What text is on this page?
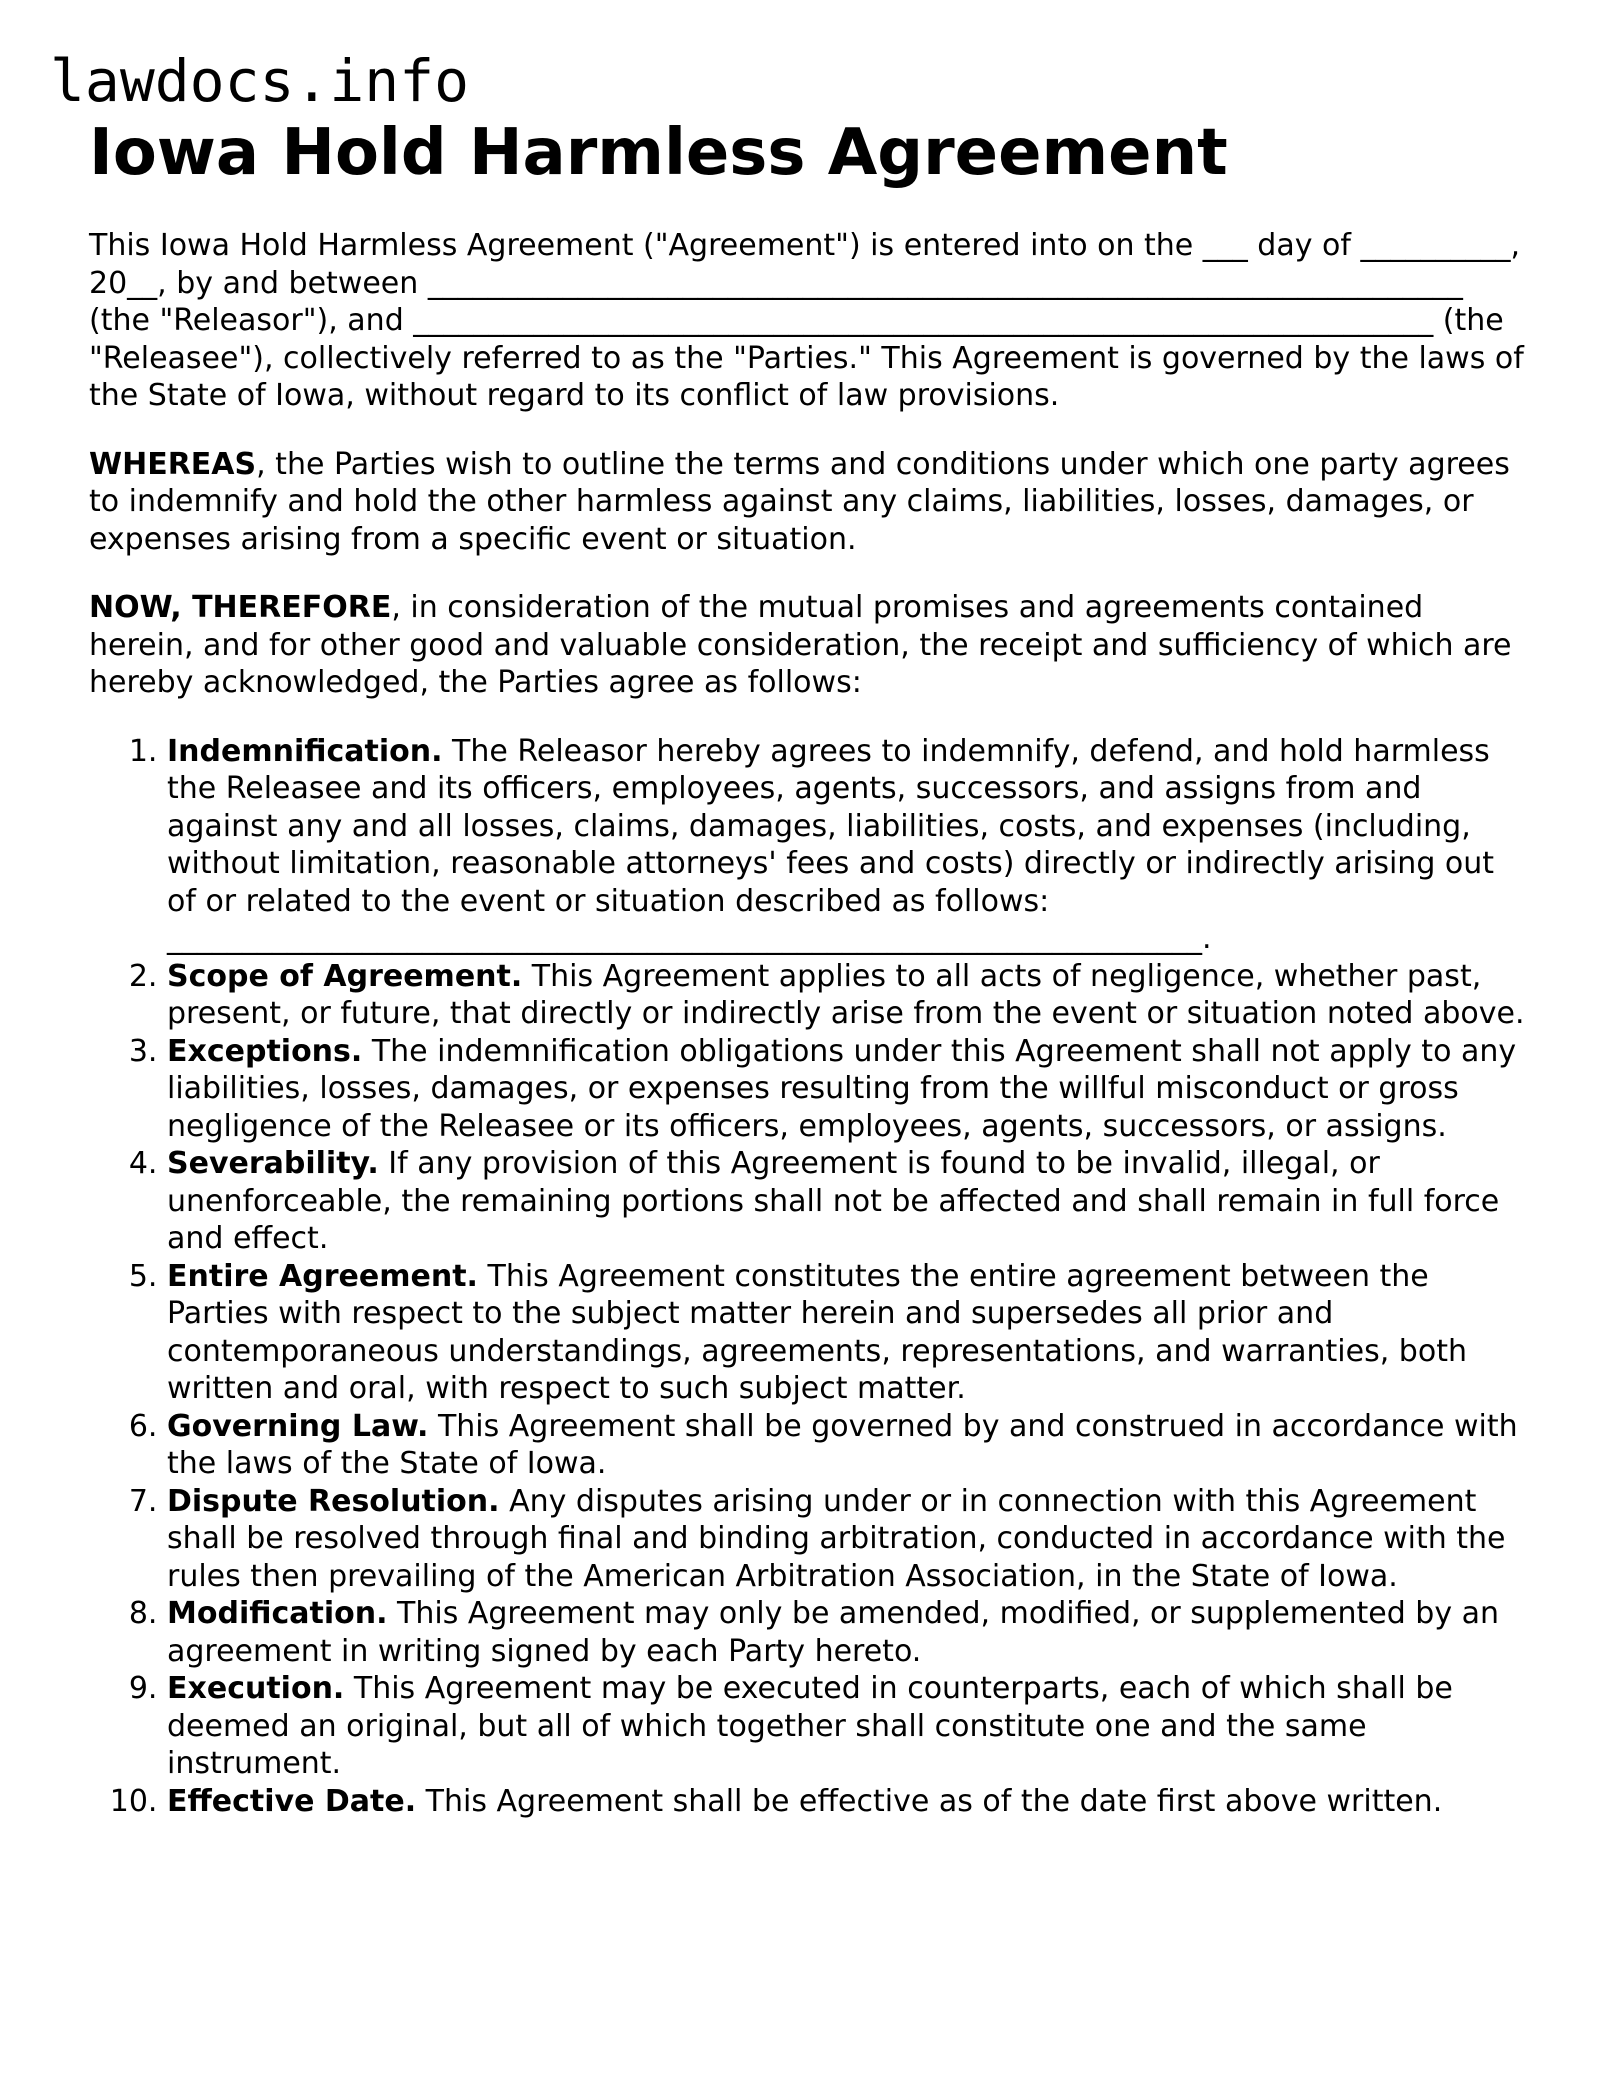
lawdocs.info
Iowa Hold Harmless Agreement

This Iowa Hold Harmless Agreement ("Agreement") is entered into on the ___ day of __________, 20__, by and between _____________________________________________________________________ (the "Releasor"), and ____________________________________________________________________ (the "Releasee"), collectively referred to as the "Parties." This Agreement is governed by the laws of the State of Iowa, without regard to its conflict of law provisions.

WHEREAS, the Parties wish to outline the terms and conditions under which one party agrees to indemnify and hold the other harmless against any claims, liabilities, losses, damages, or expenses arising from a specific event or situation.

NOW, THEREFORE, in consideration of the mutual promises and agreements contained herein, and for other good and valuable consideration, the receipt and sufficiency of which are hereby acknowledged, the Parties agree as follows:

1. Indemnification. The Releasor hereby agrees to indemnify, defend, and hold harmless the Releasee and its officers, employees, agents, successors, and assigns from and against any and all losses, claims, damages, liabilities, costs, and expenses (including, without limitation, reasonable attorneys' fees and costs) directly or indirectly arising out of or related to the event or situation described as follows: _____________________________________________________________________.
2. Scope of Agreement. This Agreement applies to all acts of negligence, whether past, present, or future, that directly or indirectly arise from the event or situation noted above.
3. Exceptions. The indemnification obligations under this Agreement shall not apply to any liabilities, losses, damages, or expenses resulting from the willful misconduct or gross negligence of the Releasee or its officers, employees, agents, successors, or assigns.
4. Severability. If any provision of this Agreement is found to be invalid, illegal, or unenforceable, the remaining portions shall not be affected and shall remain in full force and effect.
5. Entire Agreement. This Agreement constitutes the entire agreement between the Parties with respect to the subject matter herein and supersedes all prior and contemporaneous understandings, agreements, representations, and warranties, both written and oral, with respect to such subject matter.
6. Governing Law. This Agreement shall be governed by and construed in accordance with the laws of the State of Iowa.
7. Dispute Resolution. Any disputes arising under or in connection with this Agreement shall be resolved through final and binding arbitration, conducted in accordance with the rules then prevailing of the American Arbitration Association, in the State of Iowa.
8. Modification. This Agreement may only be amended, modified, or supplemented by an agreement in writing signed by each Party hereto.
9. Execution. This Agreement may be executed in counterparts, each of which shall be deemed an original, but all of which together shall constitute one and the same instrument.
10. Effective Date. This Agreement shall be effective as of the date first above written.
